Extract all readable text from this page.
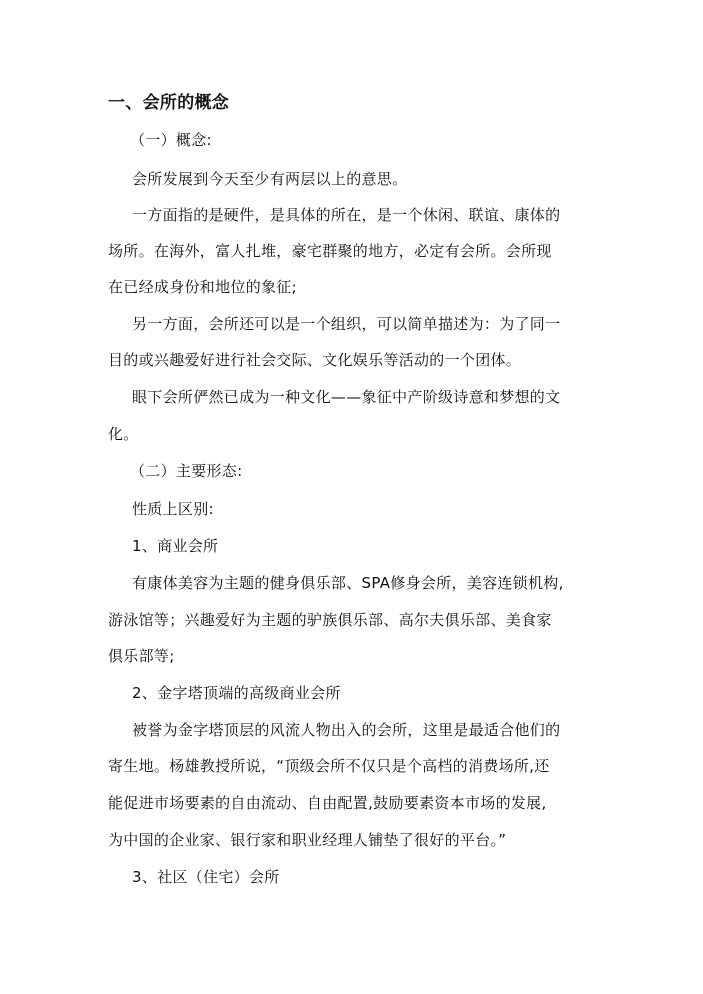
一、会所的概念
（一）概念:
会所发展到今天至少有两层以上的意思。
一方面指的是硬件，是具体的所在，是一个休闲、联谊、康体的
场所。在海外，富人扎堆，豪宅群聚的地方，必定有会所。会所现
在已经成身份和地位的象征;
另一方面，会所还可以是一个组织，可以简单描述为：为了同一
目的或兴趣爱好进行社会交际、文化娱乐等活动的一个团体。
眼下会所俨然已成为一种文化——象征中产阶级诗意和梦想的文
化。
（二）主要形态:
性质上区别:
1、商业会所
有康体美容为主题的健身俱乐部、SPA修身会所，美容连锁机构,
游泳馆等；兴趣爱好为主题的驴族俱乐部、高尔夫俱乐部、美食家
俱乐部等;
2、金字塔顶端的高级商业会所
被誉为金字塔顶层的风流人物出入的会所，这里是最适合他们的
寄生地。杨雄教授所说，“顶级会所不仅只是个高档的消费场所,还
能促进市场要素的自由流动、自由配置,鼓励要素资本市场的发展,
为中国的企业家、银行家和职业经理人铺垫了很好的平台。”
3、社区（住宅）会所
